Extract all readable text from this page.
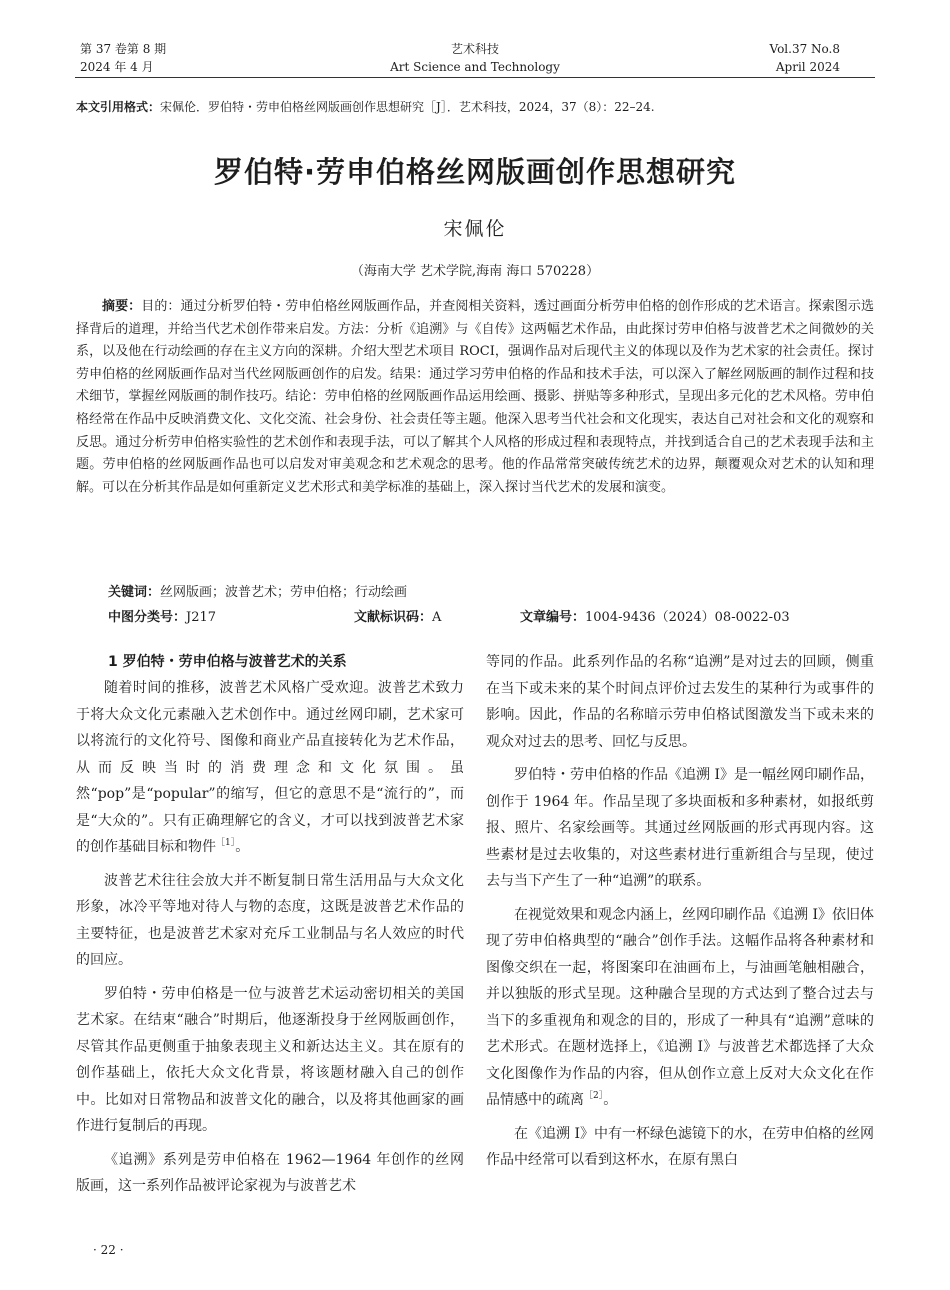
第 37 卷第 8 期
2024 年 4 月
艺术科技
Art Science and Technology
Vol.37 No.8
April 2024
本文引用格式：宋佩伦．罗伯特・劳申伯格丝网版画创作思想研究［J］．艺术科技，2024，37（8）：22–24.
罗伯特·劳申伯格丝网版画创作思想研究
宋佩伦
（海南大学 艺术学院,海南 海口 570228）
摘要：目的：通过分析罗伯特・劳申伯格丝网版画作品，并查阅相关资料，透过画面分析劳申伯格的创作形成的艺术语言。探索图示选择背后的道理，并给当代艺术创作带来启发。方法：分析《追溯》与《自传》这两幅艺术作品，由此探讨劳申伯格与波普艺术之间微妙的关系，以及他在行动绘画的存在主义方向的深耕。介绍大型艺术项目 ROCI，强调作品对后现代主义的体现以及作为艺术家的社会责任。探讨劳申伯格的丝网版画作品对当代丝网版画创作的启发。结果：通过学习劳申伯格的作品和技术手法，可以深入了解丝网版画的制作过程和技术细节，掌握丝网版画的制作技巧。结论：劳申伯格的丝网版画作品运用绘画、摄影、拼贴等多种形式，呈现出多元化的艺术风格。劳申伯格经常在作品中反映消费文化、文化交流、社会身份、社会责任等主题。他深入思考当代社会和文化现实，表达自己对社会和文化的观察和反思。通过分析劳申伯格实验性的艺术创作和表现手法，可以了解其个人风格的形成过程和表现特点，并找到适合自己的艺术表现手法和主题。劳申伯格的丝网版画作品也可以启发对审美观念和艺术观念的思考。他的作品常常突破传统艺术的边界，颠覆观众对艺术的认知和理解。可以在分析其作品是如何重新定义艺术形式和美学标准的基础上，深入探讨当代艺术的发展和演变。
关键词：丝网版画；波普艺术；劳申伯格；行动绘画
中图分类号：J217	文献标识码：A	文章编号：1004-9436（2024）08-0022-03
1 罗伯特・劳申伯格与波普艺术的关系

随着时间的推移，波普艺术风格广受欢迎。波普艺术致力于将大众文化元素融入艺术创作中。通过丝网印刷，艺术家可以将流行的文化符号、图像和商业产品直接转化为艺术作品，从而反映当时的消费理念和文化氛围。虽然“pop”是“popular”的缩写，但它的意思不是“流行的”，而是“大众的”。只有正确理解它的含义，才可以找到波普艺术家的创作基础目标和物件$^{[1]}$。

波普艺术往往会放大并不断复制日常生活用品与大众文化形象，冰冷平等地对待人与物的态度，这既是波普艺术作品的主要特征，也是波普艺术家对充斥工业制品与名人效应的时代的回应。

罗伯特・劳申伯格是一位与波普艺术运动密切相关的美国艺术家。在结束“融合”时期后，他逐渐投身于丝网版画创作，尽管其作品更侧重于抽象表现主义和新达达主义。其在原有的创作基础上，依托大众文化背景，将该题材融入自己的创作中。比如对日常物品和波普文化的融合，以及将其他画家的画作进行复制后的再现。

《追溯》系列是劳申伯格在 1962—1964 年创作的丝网版画，这一系列作品被评论家视为与波普艺术

等同的作品。此系列作品的名称“追溯”是对过去的回顾，侧重在当下或未来的某个时间点评价过去发生的某种行为或事件的影响。因此，作品的名称暗示劳申伯格试图激发当下或未来的观众对过去的思考、回忆与反思。

罗伯特・劳申伯格的作品《追溯 I》是一幅丝网印刷作品，创作于 1964 年。作品呈现了多块面板和多种素材，如报纸剪报、照片、名家绘画等。其通过丝网版画的形式再现内容。这些素材是过去收集的，对这些素材进行重新组合与呈现，使过去与当下产生了一种“追溯”的联系。

在视觉效果和观念内涵上，丝网印刷作品《追溯 I》依旧体现了劳申伯格典型的“融合”创作手法。这幅作品将各种素材和图像交织在一起，将图案印在油画布上，与油画笔触相融合，并以独版的形式呈现。这种融合呈现的方式达到了整合过去与当下的多重视角和观念的目的，形成了一种具有“追溯”意味的艺术形式。在题材选择上，《追溯 I》与波普艺术都选择了大众文化图像作为作品的内容，但从创作立意上反对大众文化在作品情感中的疏离$^{[2]}$。

在《追溯 I》中有一杯绿色滤镜下的水，在劳申伯格的丝网作品中经常可以看到这杯水，在原有黑白

· 22 ·
